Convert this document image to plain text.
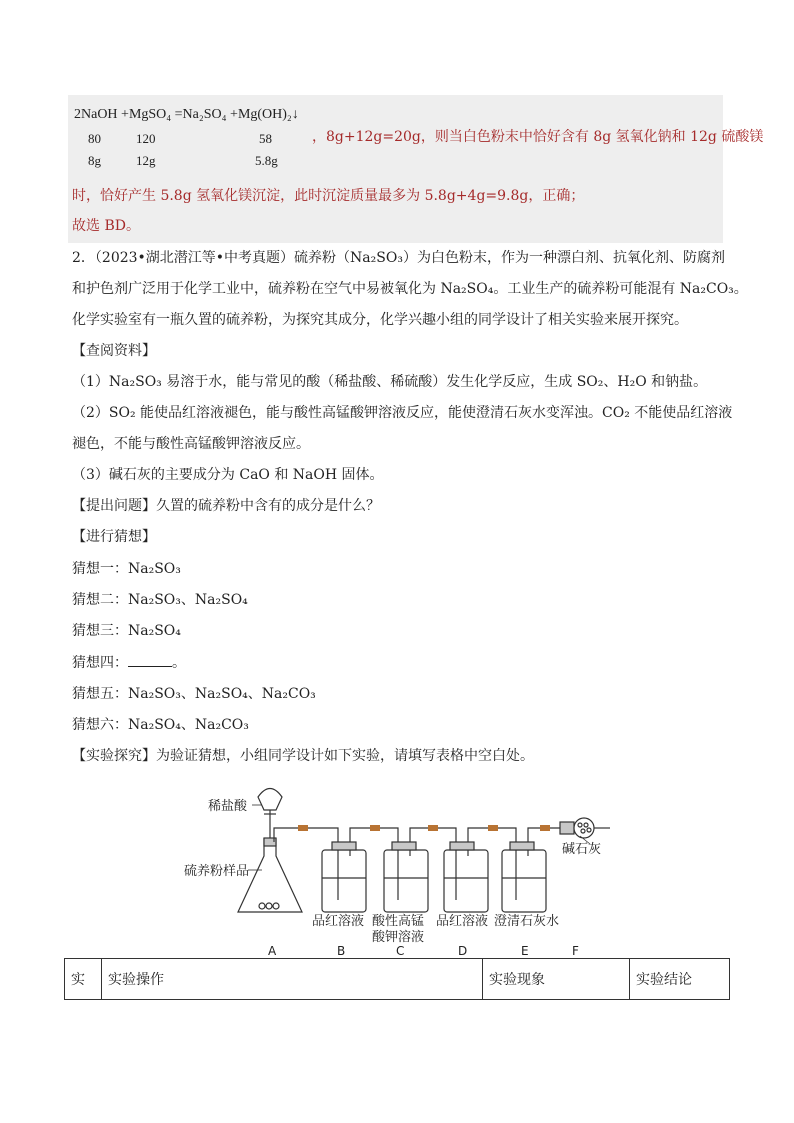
2NaOH +MgSO₄ =Na₂SO₄ +Mg(OH)₂↓
80	120	58	，8g+12g=20g，则当白色粉末中恰好含有 8g 氢氧化钠和 12g 硫酸镁
8g	12g	5.8g
时，恰好产生 5.8g 氢氧化镁沉淀，此时沉淀质量最多为 5.8g+4g=9.8g，正确；
故选 BD。
2．（2023•湖北潜江等•中考真题）硫养粉（Na₂SO₃）为白色粉末，作为一种漂白剂、抗氧化剂、防腐剂
和护色剂广泛用于化学工业中，硫养粉在空气中易被氧化为 Na₂SO₄。工业生产的硫养粉可能混有 Na₂CO₃。
化学实验室有一瓶久置的硫养粉，为探究其成分，化学兴趣小组的同学设计了相关实验来展开探究。
【查阅资料】
（1）Na₂SO₃ 易溶于水，能与常见的酸（稀盐酸、稀硫酸）发生化学反应，生成 SO₂、H₂O 和钠盐。
（2）SO₂ 能使品红溶液褪色，能与酸性高锰酸钾溶液反应，能使澄清石灰水变浑浊。CO₂ 不能使品红溶液
褪色，不能与酸性高锰酸钾溶液反应。
（3）碱石灰的主要成分为 CaO 和 NaOH 固体。
【提出问题】久置的硫养粉中含有的成分是什么？
【进行猜想】
猜想一：Na₂SO₃
猜想二：Na₂SO₃、Na₂SO₄
猜想三：Na₂SO₄
猜想四：	。
猜想五：Na₂SO₃、Na₂SO₄、Na₂CO₃
猜想六：Na₂SO₄、Na₂CO₃
【实验探究】为验证猜想，小组同学设计如下实验，请填写表格中空白处。
稀盐酸
硫养粉样品
碱石灰
品红溶液 酸性高锰
酸钾溶液
品红溶液 澄清石灰水
A	B	C	D	E	F
实	实验操作	实验现象	实验结论
